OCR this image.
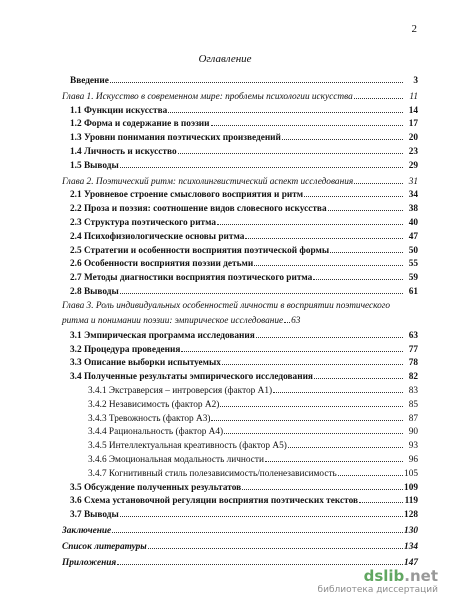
2
Оглавление
Введение	3
Глава 1. Искусство в современном мире: проблемы психологии искусства	11
1.1 Функции искусства	14
1.2 Форма и содержание в поэзии	17
1.3 Уровни понимания поэтических произведений	20
1.4 Личность и искусство	23
1.5 Выводы	29
Глава 2. Поэтический ритм: психолингвистический аспект исследования	31
2.1 Уровневое строение смыслового восприятия и ритм	34
2.2 Проза и поэзия: соотношение видов словесного искусства	38
2.3 Структура поэтического ритма	40
2.4 Психофизиологические основы ритма	47
2.5 Стратегии и особенности восприятия поэтической формы	50
2.6 Особенности восприятия поэзии детьми	55
2.7 Методы диагностики восприятия поэтического ритма	59
2.8 Выводы	61
Глава 3. Роль индивидуальных особенностей личности в восприятии поэтического ритма и понимании поэзии: эмпирическое исследование 63
3.1 Эмпирическая программа исследования	63
3.2 Процедура проведения	77
3.3 Описание выборки испытуемых	78
3.4 Полученные результаты эмпирического исследования	82
3.4.1 Экстраверсия – интроверсия (фактор А1)	83
3.4.2 Независимость (фактор А2)	85
3.4.3 Тревожность (фактор А3)	87
3.4.4 Рациональность (фактор А4)	90
3.4.5 Интеллектуальная креативность (фактор А5)	93
3.4.6 Эмоциональная модальность личности	96
3.4.7 Когнитивный стиль полезависимость/поленезависимость	105
3.5 Обсуждение полученных результатов	109
3.6 Схема установочной регуляции восприятия поэтических текстов	119
3.7 Выводы	128
Заключение	130
Список литературы	134
Приложения	147
dslib.net
библиотека диссертаций
